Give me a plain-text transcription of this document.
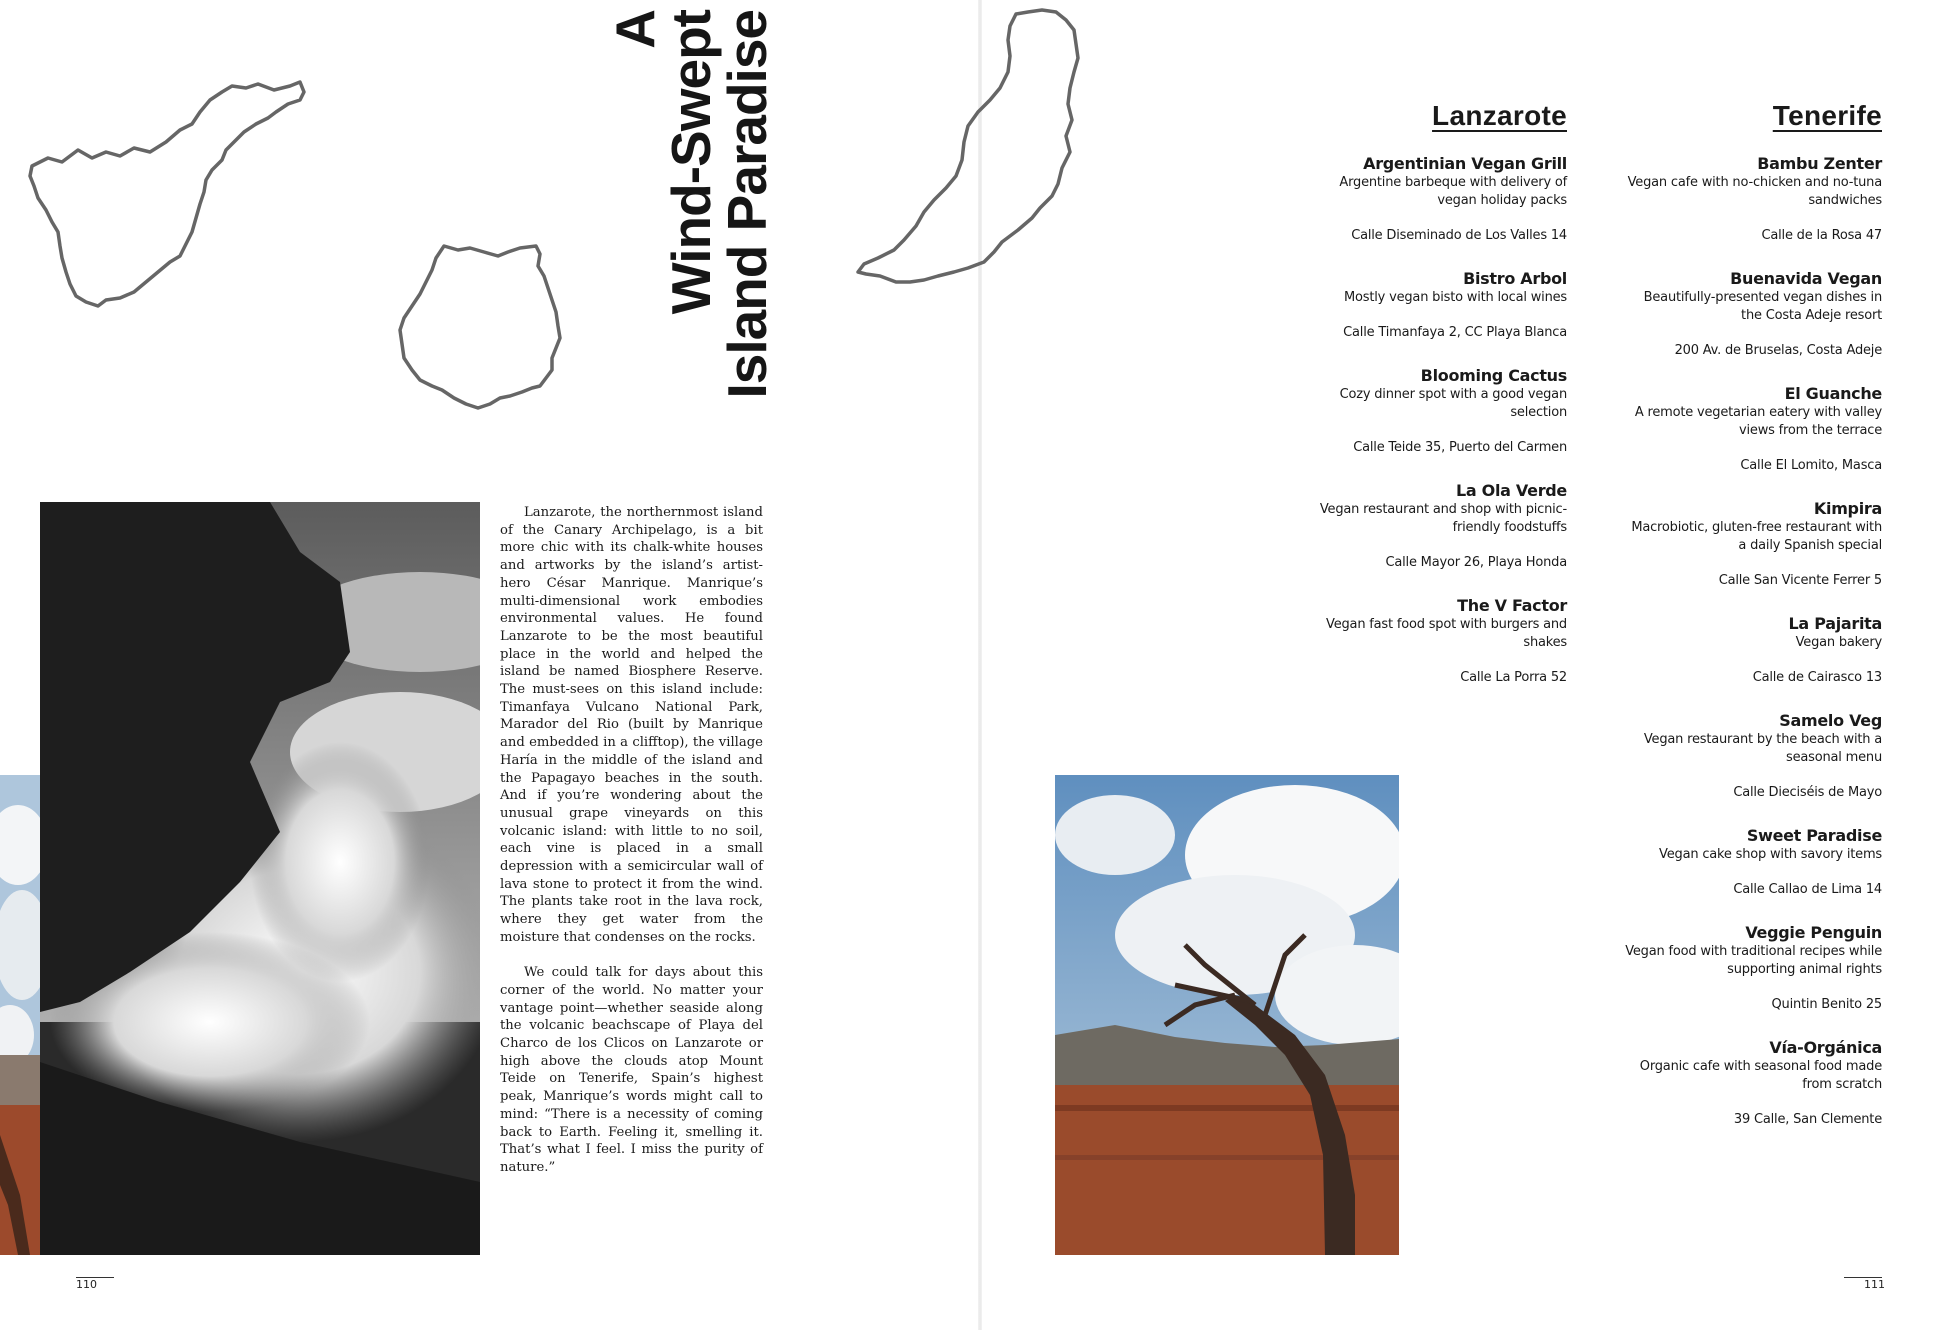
A
Wind-Swept
Island Paradise

Lanzarote, the northernmost island of the Canary Archipelago, is a bit more chic with its chalk-white houses and artworks by the island’s artist-hero César Manrique. Manrique’s multi-dimensional work embodies environmental values. He found Lanzarote to be the most beautiful place in the world and helped the island be named Biosphere Reserve. The must-sees on this island include: Timanfaya Vulcano National Park, Marador del Rio (built by Manrique and embedded in a clifftop), the village Haría in the middle of the island and the Papagayo beaches in the south. And if you’re wondering about the unusual grape vineyards on this volcanic island: with little to no soil, each vine is placed in a small depression with a semicircular wall of lava stone to protect it from the wind. The plants take root in the lava rock, where they get water from the moisture that condenses on the rocks.

We could talk for days about this corner of the world. No matter your vantage point—whether seaside along the volcanic beachscape of Playa del Charco de los Clicos on Lanzarote or high above the clouds atop Mount Teide on Tenerife, Spain’s highest peak, Manrique’s words might call to mind: “There is a necessity of coming back to Earth. Feeling it, smelling it. That’s what I feel. I miss the purity of nature.”

Lanzarote
Argentinian Vegan Grill
Argentine barbeque with delivery of vegan holiday packs
Calle Diseminado de Los Valles 14
Bistro Arbol
Mostly vegan bisto with local wines
Calle Timanfaya 2, CC Playa Blanca
Blooming Cactus
Cozy dinner spot with a good vegan selection
Calle Teide 35, Puerto del Carmen
La Ola Verde
Vegan restaurant and shop with picnic-friendly foodstuffs
Calle Mayor 26, Playa Honda
The V Factor
Vegan fast food spot with burgers and shakes
Calle La Porra 52
Tenerife
Bambu Zenter
Vegan cafe with no-chicken and no-tuna sandwiches
Calle de la Rosa 47
Buenavida Vegan
Beautifully-presented vegan dishes in the Costa Adeje resort
200 Av. de Bruselas, Costa Adeje
El Guanche
A remote vegetarian eatery with valley views from the terrace
Calle El Lomito, Masca
Kimpira
Macrobiotic, gluten-free restaurant with a daily Spanish special
Calle San Vicente Ferrer 5
La Pajarita
Vegan bakery
Calle de Cairasco 13
Samelo Veg
Vegan restaurant by the beach with a seasonal menu
Calle Dieciséis de Mayo
Sweet Paradise
Vegan cake shop with savory items
Calle Callao de Lima 14
Veggie Penguin
Vegan food with traditional recipes while supporting animal rights
Quintin Benito 25
Vía-Orgánica
Organic cafe with seasonal food made from scratch
39 Calle, San Clemente
110	111
